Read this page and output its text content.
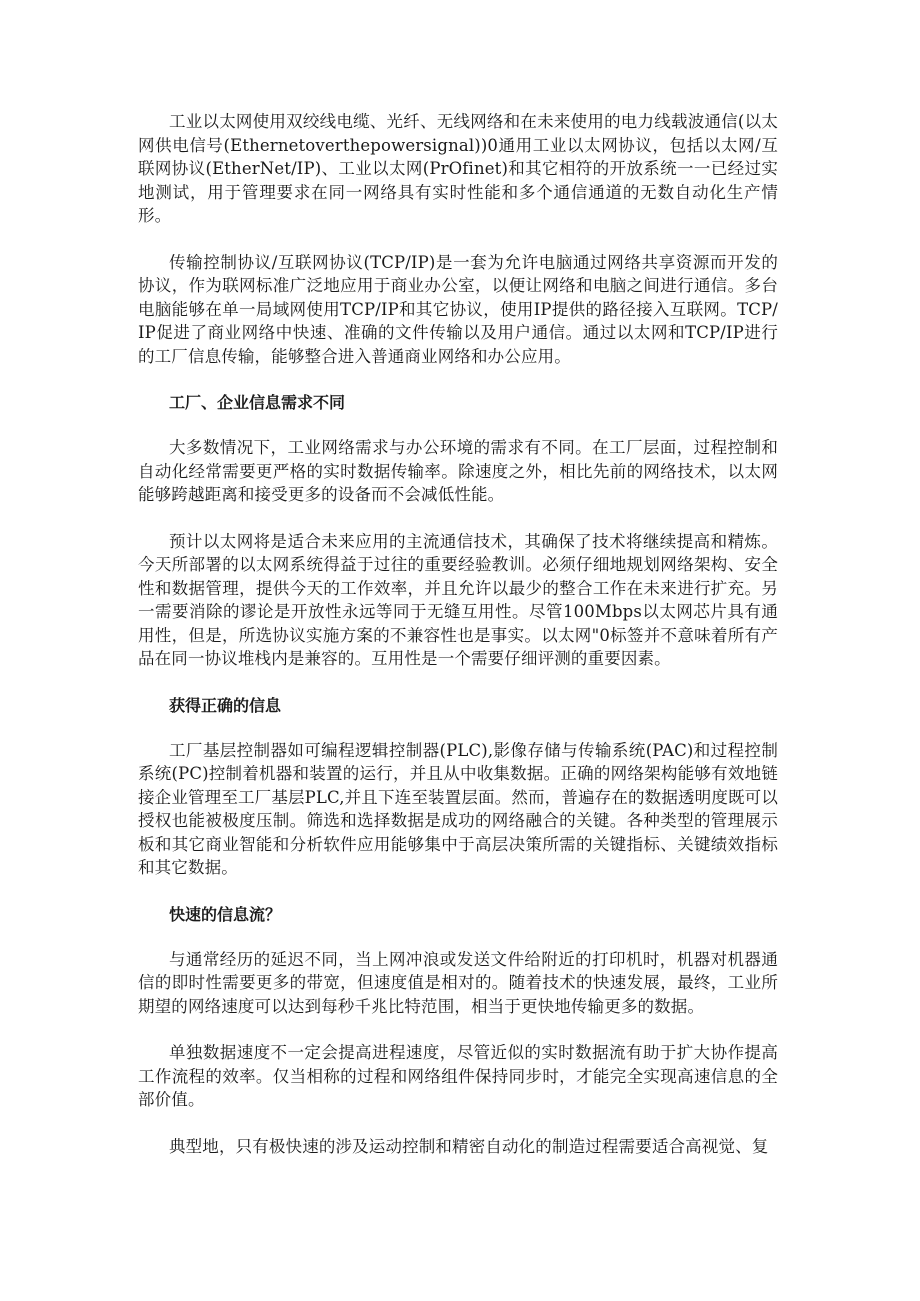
工业以太网使用双绞线电缆、光纤、无线网络和在未来使用的电力线载波通信(以太网供电信号(Ethernetoverthepowersignal))0通用工业以太网协议，包括以太网/互联网协议(EtherNet/IP)、工业以太网(PrOfinet)和其它相符的开放系统一一已经过实地测试，用于管理要求在同一网络具有实时性能和多个通信通道的无数自动化生产情形。

传输控制协议/互联网协议(TCP/IP)是一套为允许电脑通过网络共享资源而开发的协议，作为联网标准广泛地应用于商业办公室，以便让网络和电脑之间进行通信。多台电脑能够在单一局域网使用TCP/IP和其它协议，使用IP提供的路径接入互联网。TCP/IP促进了商业网络中快速、准确的文件传输以及用户通信。通过以太网和TCP/IP进行的工厂信息传输，能够整合进入普通商业网络和办公应用。

工厂、企业信息需求不同

大多数情况下，工业网络需求与办公环境的需求有不同。在工厂层面，过程控制和自动化经常需要更严格的实时数据传输率。除速度之外，相比先前的网络技术，以太网能够跨越距离和接受更多的设备而不会减低性能。

预计以太网将是适合未来应用的主流通信技术，其确保了技术将继续提高和精炼。今天所部署的以太网系统得益于过往的重要经验教训。必须仔细地规划网络架构、安全性和数据管理，提供今天的工作效率，并且允许以最少的整合工作在未来进行扩充。另一需要消除的谬论是开放性永远等同于无缝互用性。尽管100Mbps以太网芯片具有通用性，但是，所选协议实施方案的不兼容性也是事实。以太网"0标签并不意味着所有产品在同一协议堆栈内是兼容的。互用性是一个需要仔细评测的重要因素。

获得正确的信息

工厂基层控制器如可编程逻辑控制器(PLC),影像存储与传输系统(PAC)和过程控制系统(PC)控制着机器和装置的运行，并且从中收集数据。正确的网络架构能够有效地链接企业管理至工厂基层PLC,并且下连至装置层面。然而，普遍存在的数据透明度既可以授权也能被极度压制。筛选和选择数据是成功的网络融合的关键。各种类型的管理展示板和其它商业智能和分析软件应用能够集中于高层决策所需的关键指标、关键绩效指标和其它数据。

快速的信息流？

与通常经历的延迟不同，当上网冲浪或发送文件给附近的打印机时，机器对机器通信的即时性需要更多的带宽，但速度值是相对的。随着技术的快速发展，最终，工业所期望的网络速度可以达到每秒千兆比特范围，相当于更快地传输更多的数据。

单独数据速度不一定会提高进程速度，尽管近似的实时数据流有助于扩大协作提高工作流程的效率。仅当相称的过程和网络组件保持同步时，才能完全实现高速信息的全部价值。

典型地，只有极快速的涉及运动控制和精密自动化的制造过程需要适合高视觉、复
